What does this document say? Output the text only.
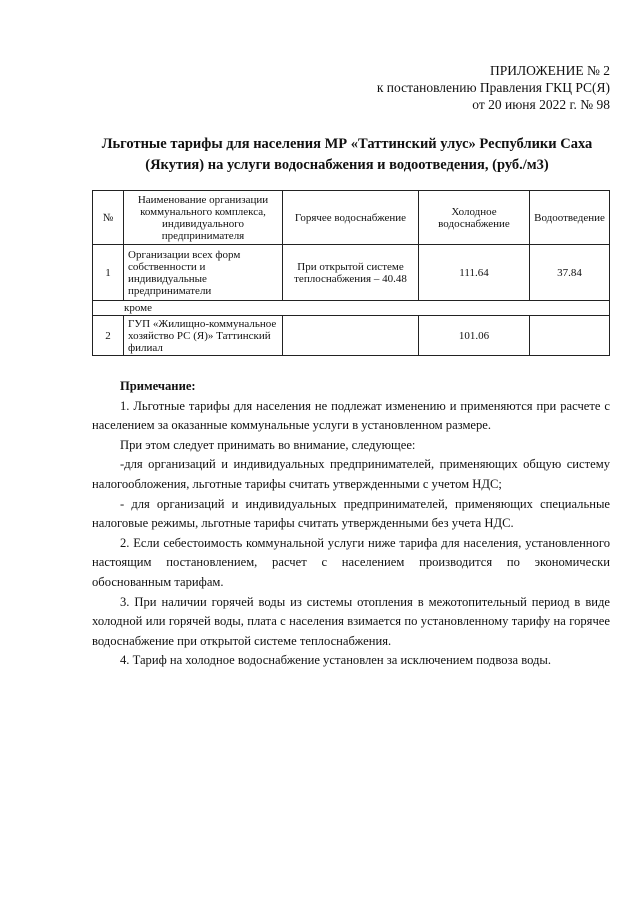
ПРИЛОЖЕНИЕ № 2
к постановлению Правления ГКЦ РС(Я)
от 20 июня 2022 г. № 98
Льготные тарифы для населения МР «Таттинский улус» Республики Саха (Якутия) на услуги водоснабжения и водоотведения, (руб./м3)
№	Наименование организации коммунального комплекса, индивидуального предпринимателя	Горячее водоснабжение	Холодное водоснабжение	Водоотведение
1	Организации всех форм собственности и индивидуальные предприниматели	При открытой системе теплоснабжения – 40.48	111.64	37.84
кроме				
2	ГУП «Жилищно-коммунальное хозяйство РС (Я)» Таттинский филиал		101.06	

Примечание:

1. Льготные тарифы для населения не подлежат изменению и применяются при расчете с населением за оказанные коммунальные услуги в установленном размере.

При этом следует принимать во внимание, следующее:

-для организаций и индивидуальных предпринимателей, применяющих общую систему налогообложения, льготные тарифы считать утвержденными с учетом НДС;

- для организаций и индивидуальных предпринимателей, применяющих специальные налоговые режимы, льготные тарифы считать утвержденными без учета НДС.

2. Если себестоимость коммунальной услуги ниже тарифа для населения, установленного настоящим постановлением, расчет с населением производится по экономически обоснованным тарифам.

3. При наличии горячей воды из системы отопления в межотопительный период в виде холодной или горячей воды, плата с населения взимается по установленному тарифу на горячее водоснабжение при открытой системе теплоснабжения.

4. Тариф на холодное водоснабжение установлен за исключением подвоза воды.
